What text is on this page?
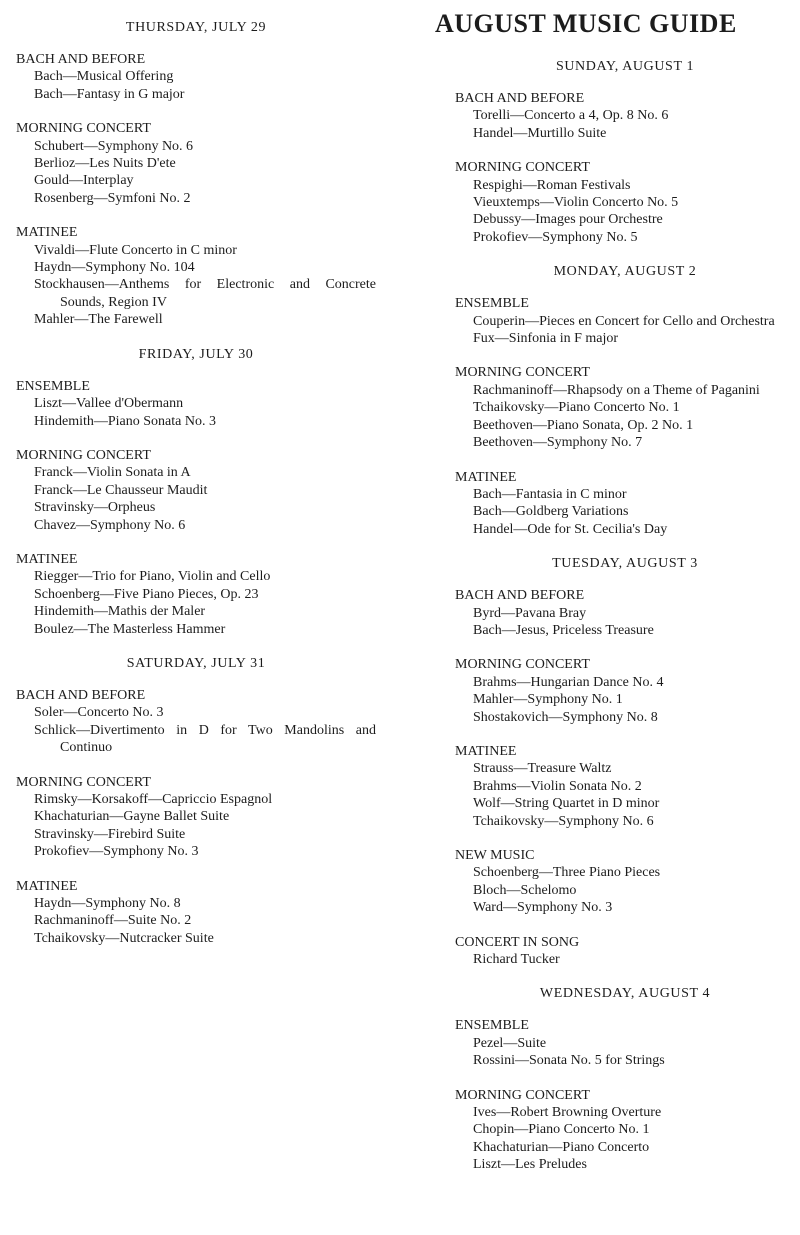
THURSDAY, JULY 29
BACH AND BEFORE
Bach—Musical Offering
Bach—Fantasy in G major
MORNING CONCERT
Schubert—Symphony No. 6
Berlioz—Les Nuits D'ete
Gould—Interplay
Rosenberg—Symfoni No. 2
MATINEE
Vivaldi—Flute Concerto in C minor
Haydn—Symphony No. 104
Stockhausen—Anthems for Electronic and Concrete Sounds, Region IV
Mahler—The Farewell
FRIDAY, JULY 30
ENSEMBLE
Liszt—Vallee d'Obermann
Hindemith—Piano Sonata No. 3
MORNING CONCERT
Franck—Violin Sonata in A
Franck—Le Chausseur Maudit
Stravinsky—Orpheus
Chavez—Symphony No. 6
MATINEE
Riegger—Trio for Piano, Violin and Cello
Schoenberg—Five Piano Pieces, Op. 23
Hindemith—Mathis der Maler
Boulez—The Masterless Hammer
SATURDAY, JULY 31
BACH AND BEFORE
Soler—Concerto No. 3
Schlick—Divertimento in D for Two Mandolins and Continuo
MORNING CONCERT
Rimsky—Korsakoff—Capriccio Espagnol
Khachaturian—Gayne Ballet Suite
Stravinsky—Firebird Suite
Prokofiev—Symphony No. 3
MATINEE
Haydn—Symphony No. 8
Rachmaninoff—Suite No. 2
Tchaikovsky—Nutcracker Suite
AUGUST MUSIC GUIDE
SUNDAY, AUGUST 1
BACH AND BEFORE
Torelli—Concerto a 4, Op. 8 No. 6
Handel—Murtillo Suite
MORNING CONCERT
Respighi—Roman Festivals
Vieuxtemps—Violin Concerto No. 5
Debussy—Images pour Orchestre
Prokofiev—Symphony No. 5
MONDAY, AUGUST 2
ENSEMBLE
Couperin—Pieces en Concert for Cello and Orchestra
Fux—Sinfonia in F major
MORNING CONCERT
Rachmaninoff—Rhapsody on a Theme of Paganini
Tchaikovsky—Piano Concerto No. 1
Beethoven—Piano Sonata, Op. 2 No. 1
Beethoven—Symphony No. 7
MATINEE
Bach—Fantasia in C minor
Bach—Goldberg Variations
Handel—Ode for St. Cecilia's Day
TUESDAY, AUGUST 3
BACH AND BEFORE
Byrd—Pavana Bray
Bach—Jesus, Priceless Treasure
MORNING CONCERT
Brahms—Hungarian Dance No. 4
Mahler—Symphony No. 1
Shostakovich—Symphony No. 8
MATINEE
Strauss—Treasure Waltz
Brahms—Violin Sonata No. 2
Wolf—String Quartet in D minor
Tchaikovsky—Symphony No. 6
NEW MUSIC
Schoenberg—Three Piano Pieces
Bloch—Schelomo
Ward—Symphony No. 3
CONCERT IN SONG
Richard Tucker
WEDNESDAY, AUGUST 4
ENSEMBLE
Pezel—Suite
Rossini—Sonata No. 5 for Strings
MORNING CONCERT
Ives—Robert Browning Overture
Chopin—Piano Concerto No. 1
Khachaturian—Piano Concerto
Liszt—Les Preludes
